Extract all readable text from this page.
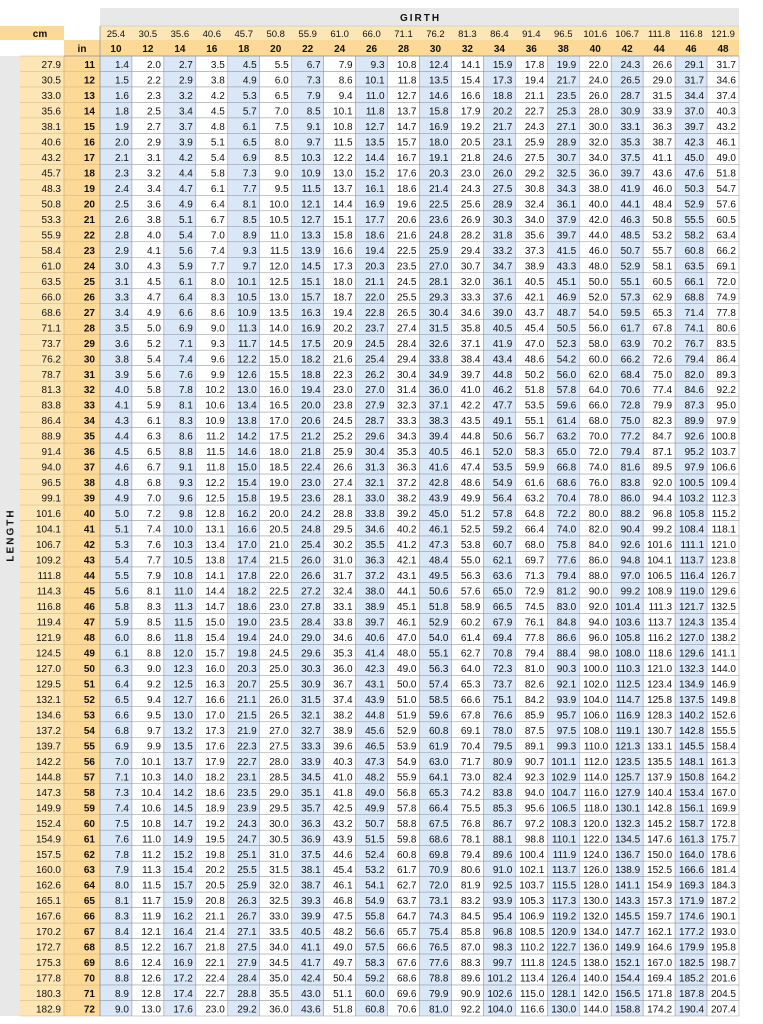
G I R T H
cm
in
25.4
10
30.5
12
35.6
14
40.6
16
45.7
18
50.8
20
55.9
22
61.0
24
66.0
26
71.1
28
76.2
30
81.3
32
86.4
34
91.4
36
96.5
38
101.6
40
106.7
42
111.8
44
116.8
46
121.9
48
L E N G T H
27.9 11 1.4 2.0 2.7 3.5 4.5 5.5 6.7 7.9 9.3 10.8 12.4 14.1 15.9 17.8 19.9 22.0 24.3 26.6 29.1 31.7
30.5 12 1.5 2.2 2.9 3.8 4.9 6.0 7.3 8.6 10.1 11.8 13.5 15.4 17.3 19.4 21.7 24.0 26.5 29.0 31.7 34.6
33.0 13 1.6 2.3 3.2 4.2 5.3 6.5 7.9 9.4 11.0 12.7 14.6 16.6 18.8 21.1 23.5 26.0 28.7 31.5 34.4 37.4
35.6 14 1.8 2.5 3.4 4.5 5.7 7.0 8.5 10.1 11.8 13.7 15.8 17.9 20.2 22.7 25.3 28.0 30.9 33.9 37.0 40.3
38.1 15 1.9 2.7 3.7 4.8 6.1 7.5 9.1 10.8 12.7 14.7 16.9 19.2 21.7 24.3 27.1 30.0 33.1 36.3 39.7 43.2
40.6 16 2.0 2.9 3.9 5.1 6.5 8.0 9.7 11.5 13.5 15.7 18.0 20.5 23.1 25.9 28.9 32.0 35.3 38.7 42.3 46.1
43.2 17 2.1 3.1 4.2 5.4 6.9 8.5 10.3 12.2 14.4 16.7 19.1 21.8 24.6 27.5 30.7 34.0 37.5 41.1 45.0 49.0
45.7 18 2.3 3.2 4.4 5.8 7.3 9.0 10.9 13.0 15.2 17.6 20.3 23.0 26.0 29.2 32.5 36.0 39.7 43.6 47.6 51.8
48.3 19 2.4 3.4 4.7 6.1 7.7 9.5 11.5 13.7 16.1 18.6 21.4 24.3 27.5 30.8 34.3 38.0 41.9 46.0 50.3 54.7
50.8 20 2.5 3.6 4.9 6.4 8.1 10.0 12.1 14.4 16.9 19.6 22.5 25.6 28.9 32.4 36.1 40.0 44.1 48.4 52.9 57.6
53.3 21 2.6 3.8 5.1 6.7 8.5 10.5 12.7 15.1 17.7 20.6 23.6 26.9 30.3 34.0 37.9 42.0 46.3 50.8 55.5 60.5
55.9 22 2.8 4.0 5.4 7.0 8.9 11.0 13.3 15.8 18.6 21.6 24.8 28.2 31.8 35.6 39.7 44.0 48.5 53.2 58.2 63.4
58.4 23 2.9 4.1 5.6 7.4 9.3 11.5 13.9 16.6 19.4 22.5 25.9 29.4 33.2 37.3 41.5 46.0 50.7 55.7 60.8 66.2
61.0 24 3.0 4.3 5.9 7.7 9.7 12.0 14.5 17.3 20.3 23.5 27.0 30.7 34.7 38.9 43.3 48.0 52.9 58.1 63.5 69.1
63.5 25 3.1 4.5 6.1 8.0 10.1 12.5 15.1 18.0 21.1 24.5 28.1 32.0 36.1 40.5 45.1 50.0 55.1 60.5 66.1 72.0
66.0 26 3.3 4.7 6.4 8.3 10.5 13.0 15.7 18.7 22.0 25.5 29.3 33.3 37.6 42.1 46.9 52.0 57.3 62.9 68.8 74.9
68.6 27 3.4 4.9 6.6 8.6 10.9 13.5 16.3 19.4 22.8 26.5 30.4 34.6 39.0 43.7 48.7 54.0 59.5 65.3 71.4 77.8
71.1 28 3.5 5.0 6.9 9.0 11.3 14.0 16.9 20.2 23.7 27.4 31.5 35.8 40.5 45.4 50.5 56.0 61.7 67.8 74.1 80.6
73.7 29 3.6 5.2 7.1 9.3 11.7 14.5 17.5 20.9 24.5 28.4 32.6 37.1 41.9 47.0 52.3 58.0 63.9 70.2 76.7 83.5
76.2 30 3.8 5.4 7.4 9.6 12.2 15.0 18.2 21.6 25.4 29.4 33.8 38.4 43.4 48.6 54.2 60.0 66.2 72.6 79.4 86.4
78.7 31 3.9 5.6 7.6 9.9 12.6 15.5 18.8 22.3 26.2 30.4 34.9 39.7 44.8 50.2 56.0 62.0 68.4 75.0 82.0 89.3
81.3 32 4.0 5.8 7.8 10.2 13.0 16.0 19.4 23.0 27.0 31.4 36.0 41.0 46.2 51.8 57.8 64.0 70.6 77.4 84.6 92.2
83.8 33 4.1 5.9 8.1 10.6 13.4 16.5 20.0 23.8 27.9 32.3 37.1 42.2 47.7 53.5 59.6 66.0 72.8 79.9 87.3 95.0
86.4 34 4.3 6.1 8.3 10.9 13.8 17.0 20.6 24.5 28.7 33.3 38.3 43.5 49.1 55.1 61.4 68.0 75.0 82.3 89.9 97.9
88.9 35 4.4 6.3 8.6 11.2 14.2 17.5 21.2 25.2 29.6 34.3 39.4 44.8 50.6 56.7 63.2 70.0 77.2 84.7 92.6 100.8
91.4 36 4.5 6.5 8.8 11.5 14.6 18.0 21.8 25.9 30.4 35.3 40.5 46.1 52.0 58.3 65.0 72.0 79.4 87.1 95.2 103.7
94.0 37 4.6 6.7 9.1 11.8 15.0 18.5 22.4 26.6 31.3 36.3 41.6 47.4 53.5 59.9 66.8 74.0 81.6 89.5 97.9 106.6
96.5 38 4.8 6.8 9.3 12.2 15.4 19.0 23.0 27.4 32.1 37.2 42.8 48.6 54.9 61.6 68.6 76.0 83.8 92.0 100.5 109.4
99.1 39 4.9 7.0 9.6 12.5 15.8 19.5 23.6 28.1 33.0 38.2 43.9 49.9 56.4 63.2 70.4 78.0 86.0 94.4 103.2 112.3
101.6 40 5.0 7.2 9.8 12.8 16.2 20.0 24.2 28.8 33.8 39.2 45.0 51.2 57.8 64.8 72.2 80.0 88.2 96.8 105.8 115.2
104.1 41 5.1 7.4 10.0 13.1 16.6 20.5 24.8 29.5 34.6 40.2 46.1 52.5 59.2 66.4 74.0 82.0 90.4 99.2 108.4 118.1
106.7 42 5.3 7.6 10.3 13.4 17.0 21.0 25.4 30.2 35.5 41.2 47.3 53.8 60.7 68.0 75.8 84.0 92.6 101.6 111.1 121.0
109.2 43 5.4 7.7 10.5 13.8 17.4 21.5 26.0 31.0 36.3 42.1 48.4 55.0 62.1 69.7 77.6 86.0 94.8 104.1 113.7 123.8
111.8 44 5.5 7.9 10.8 14.1 17.8 22.0 26.6 31.7 37.2 43.1 49.5 56.3 63.6 71.3 79.4 88.0 97.0 106.5 116.4 126.7
114.3 45 5.6 8.1 11.0 14.4 18.2 22.5 27.2 32.4 38.0 44.1 50.6 57.6 65.0 72.9 81.2 90.0 99.2 108.9 119.0 129.6
116.8 46 5.8 8.3 11.3 14.7 18.6 23.0 27.8 33.1 38.9 45.1 51.8 58.9 66.5 74.5 83.0 92.0 101.4 111.3 121.7 132.5
119.4 47 5.9 8.5 11.5 15.0 19.0 23.5 28.4 33.8 39.7 46.1 52.9 60.2 67.9 76.1 84.8 94.0 103.6 113.7 124.3 135.4
121.9 48 6.0 8.6 11.8 15.4 19.4 24.0 29.0 34.6 40.6 47.0 54.0 61.4 69.4 77.8 86.6 96.0 105.8 116.2 127.0 138.2
124.5 49 6.1 8.8 12.0 15.7 19.8 24.5 29.6 35.3 41.4 48.0 55.1 62.7 70.8 79.4 88.4 98.0 108.0 118.6 129.6 141.1
127.0 50 6.3 9.0 12.3 16.0 20.3 25.0 30.3 36.0 42.3 49.0 56.3 64.0 72.3 81.0 90.3 100.0 110.3 121.0 132.3 144.0
129.5 51 6.4 9.2 12.5 16.3 20.7 25.5 30.9 36.7 43.1 50.0 57.4 65.3 73.7 82.6 92.1 102.0 112.5 123.4 134.9 146.9
132.1 52 6.5 9.4 12.7 16.6 21.1 26.0 31.5 37.4 43.9 51.0 58.5 66.6 75.1 84.2 93.9 104.0 114.7 125.8 137.5 149.8
134.6 53 6.6 9.5 13.0 17.0 21.5 26.5 32.1 38.2 44.8 51.9 59.6 67.8 76.6 85.9 95.7 106.0 116.9 128.3 140.2 152.6
137.2 54 6.8 9.7 13.2 17.3 21.9 27.0 32.7 38.9 45.6 52.9 60.8 69.1 78.0 87.5 97.5 108.0 119.1 130.7 142.8 155.5
139.7 55 6.9 9.9 13.5 17.6 22.3 27.5 33.3 39.6 46.5 53.9 61.9 70.4 79.5 89.1 99.3 110.0 121.3 133.1 145.5 158.4
142.2 56 7.0 10.1 13.7 17.9 22.7 28.0 33.9 40.3 47.3 54.9 63.0 71.7 80.9 90.7 101.1 112.0 123.5 135.5 148.1 161.3
144.8 57 7.1 10.3 14.0 18.2 23.1 28.5 34.5 41.0 48.2 55.9 64.1 73.0 82.4 92.3 102.9 114.0 125.7 137.9 150.8 164.2
147.3 58 7.3 10.4 14.2 18.6 23.5 29.0 35.1 41.8 49.0 56.8 65.3 74.2 83.8 94.0 104.7 116.0 127.9 140.4 153.4 167.0
149.9 59 7.4 10.6 14.5 18.9 23.9 29.5 35.7 42.5 49.9 57.8 66.4 75.5 85.3 95.6 106.5 118.0 130.1 142.8 156.1 169.9
152.4 60 7.5 10.8 14.7 19.2 24.3 30.0 36.3 43.2 50.7 58.8 67.5 76.8 86.7 97.2 108.3 120.0 132.3 145.2 158.7 172.8
154.9 61 7.6 11.0 14.9 19.5 24.7 30.5 36.9 43.9 51.5 59.8 68.6 78.1 88.1 98.8 110.1 122.0 134.5 147.6 161.3 175.7
157.5 62 7.8 11.2 15.2 19.8 25.1 31.0 37.5 44.6 52.4 60.8 69.8 79.4 89.6 100.4 111.9 124.0 136.7 150.0 164.0 178.6
160.0 63 7.9 11.3 15.4 20.2 25.5 31.5 38.1 45.4 53.2 61.7 70.9 80.6 91.0 102.1 113.7 126.0 138.9 152.5 166.6 181.4
162.6 64 8.0 11.5 15.7 20.5 25.9 32.0 38.7 46.1 54.1 62.7 72.0 81.9 92.5 103.7 115.5 128.0 141.1 154.9 169.3 184.3
165.1 65 8.1 11.7 15.9 20.8 26.3 32.5 39.3 46.8 54.9 63.7 73.1 83.2 93.9 105.3 117.3 130.0 143.3 157.3 171.9 187.2
167.6 66 8.3 11.9 16.2 21.1 26.7 33.0 39.9 47.5 55.8 64.7 74.3 84.5 95.4 106.9 119.2 132.0 145.5 159.7 174.6 190.1
170.2 67 8.4 12.1 16.4 21.4 27.1 33.5 40.5 48.2 56.6 65.7 75.4 85.8 96.8 108.5 120.9 134.0 147.7 162.1 177.2 193.0
172.7 68 8.5 12.2 16.7 21.8 27.5 34.0 41.1 49.0 57.5 66.6 76.5 87.0 98.3 110.2 122.7 136.0 149.9 164.6 179.9 195.8
175.3 69 8.6 12.4 16.9 22.1 27.9 34.5 41.7 49.7 58.3 67.6 77.6 88.3 99.7 111.8 124.5 138.0 152.1 167.0 182.5 198.7
177.8 70 8.8 12.6 17.2 22.4 28.4 35.0 42.4 50.4 59.2 68.6 78.8 89.6 101.2 113.4 126.4 140.0 154.4 169.4 185.2 201.6
180.3 71 8.9 12.8 17.4 22.7 28.8 35.5 43.0 51.1 60.0 69.6 79.9 90.9 102.6 115.0 128.1 142.0 156.5 171.8 187.8 204.5
182.9 72 9.0 13.0 17.6 23.0 29.2 36.0 43.6 51.8 60.8 70.6 81.0 92.2 104.0 116.6 130.0 144.0 158.8 174.2 190.4 207.4
